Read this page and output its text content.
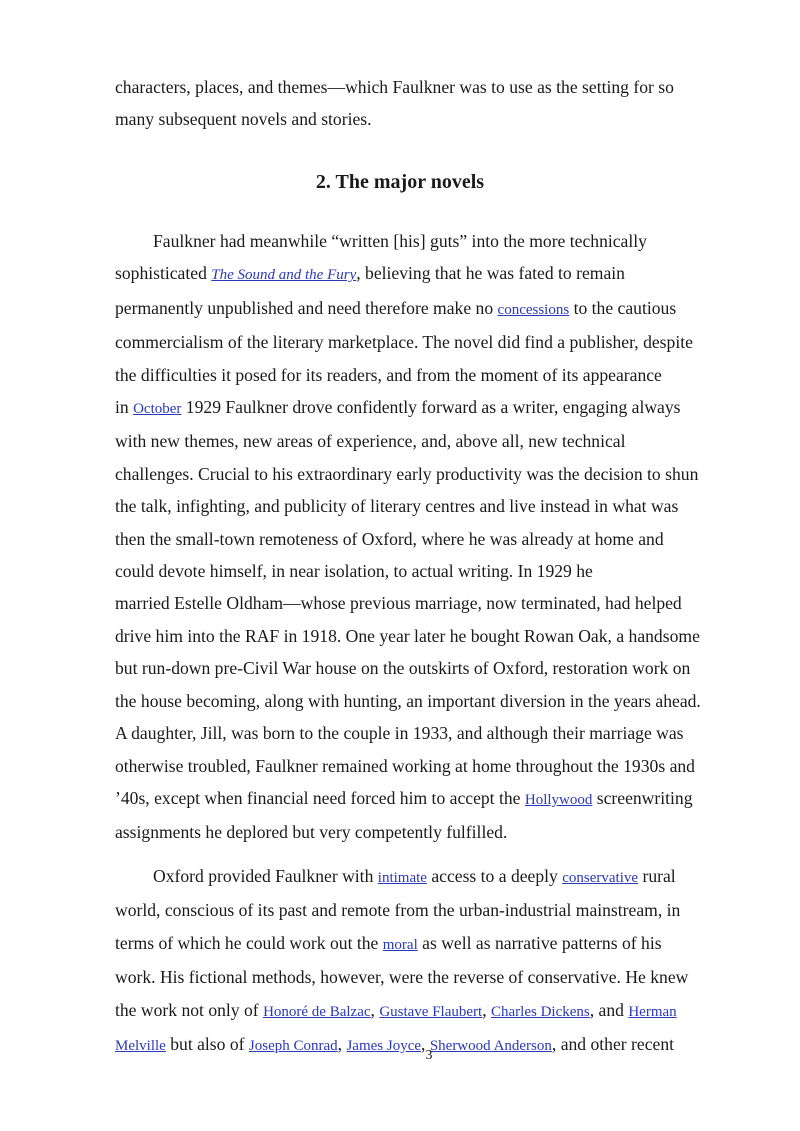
characters, places, and themes—which Faulkner was to use as the setting for so
many subsequent novels and stories.
2. The major novels
Faulkner had meanwhile “written [his] guts” into the more technically
sophisticated The Sound and the Fury, believing that he was fated to remain
permanently unpublished and need therefore make no concessions to the cautious
commercialism of the literary marketplace. The novel did find a publisher, despite
the difficulties it posed for its readers, and from the moment of its appearance
in October 1929 Faulkner drove confidently forward as a writer, engaging always
with new themes, new areas of experience, and, above all, new technical
challenges. Crucial to his extraordinary early productivity was the decision to shun
the talk, infighting, and publicity of literary centres and live instead in what was
then the small-town remoteness of Oxford, where he was already at home and
could devote himself, in near isolation, to actual writing. In 1929 he
married Estelle Oldham—whose previous marriage, now terminated, had helped
drive him into the RAF in 1918. One year later he bought Rowan Oak, a handsome
but run-down pre-Civil War house on the outskirts of Oxford, restoration work on
the house becoming, along with hunting, an important diversion in the years ahead.
A daughter, Jill, was born to the couple in 1933, and although their marriage was
otherwise troubled, Faulkner remained working at home throughout the 1930s and
’40s, except when financial need forced him to accept the Hollywood screenwriting
assignments he deplored but very competently fulfilled.
Oxford provided Faulkner with intimate access to a deeply conservative rural
world, conscious of its past and remote from the urban-industrial mainstream, in
terms of which he could work out the moral as well as narrative patterns of his
work. His fictional methods, however, were the reverse of conservative. He knew
the work not only of Honoré de Balzac, Gustave Flaubert, Charles Dickens, and Herman
Melville but also of Joseph Conrad, James Joyce, Sherwood Anderson, and other recent
3
